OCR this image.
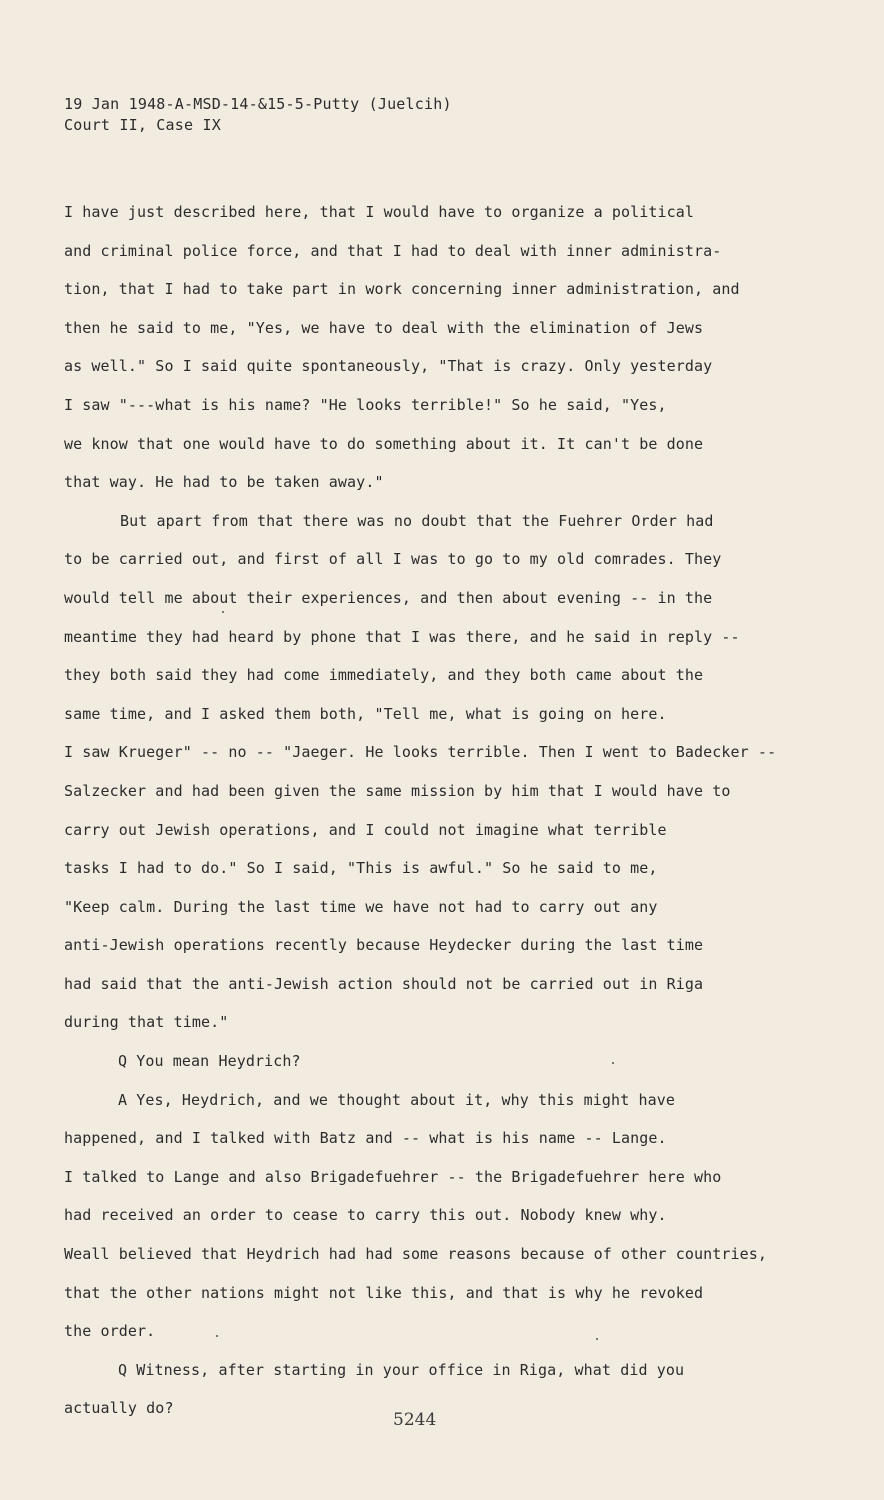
19 Jan 1948-A-MSD-14-&15-5-Putty (Juelcih)
Court II, Case IX
I have just described here, that I would have to organize a political
and criminal police force, and that I had to deal with inner administra-
tion, that I had to take part in work concerning inner administration, and
then he said to me, "Yes, we have to deal with the elimination of Jews
as well." So I said quite spontaneously, "That is crazy. Only yesterday
I saw "---what is his name? "He looks terrible!" So he said, "Yes,
we know that one would have to do something about it. It can't be done
that way. He had to be taken away."
But apart from that there was no doubt that the Fuehrer Order had
to be carried out, and first of all I was to go to my old comrades. They
would tell me about their experiences, and then about evening -- in the
meantime they had heard by phone that I was there, and he said in reply --
they both said they had come immediately, and they both came about the
same time, and I asked them both, "Tell me, what is going on here.
I saw Krueger" -- no -- "Jaeger. He looks terrible. Then I went to Badecker --
Salzecker and had been given the same mission by him that I would have to
carry out Jewish operations, and I could not imagine what terrible
tasks I had to do." So I said, "This is awful." So he said to me,
"Keep calm. During the last time we have not had to carry out any
anti-Jewish operations recently because Heydecker during the last time
had said that the anti-Jewish action should not be carried out in Riga
during that time."
Q You mean Heydrich?
A Yes, Heydrich, and we thought about it, why this might have
happened, and I talked with Batz and -- what is his name -- Lange.
I talked to Lange and also Brigadefuehrer -- the Brigadefuehrer here who
had received an order to cease to carry this out. Nobody knew why.
Weall believed that Heydrich had had some reasons because of other countries,
that the other nations might not like this, and that is why he revoked
the order.
Q Witness, after starting in your office in Riga, what did you
actually do?
5244
